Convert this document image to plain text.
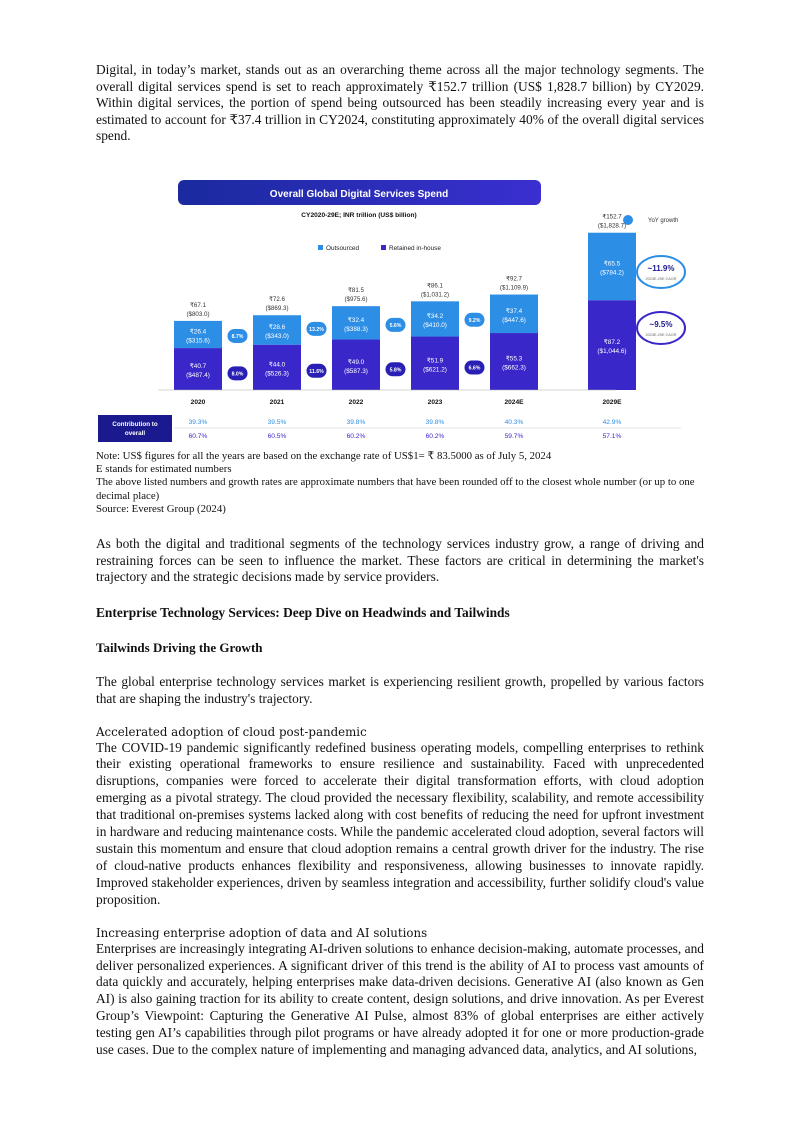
Digital, in today’s market, stands out as an overarching theme across all the major technology segments. The overall digital services spend is set to reach approximately ₹152.7 trillion (US$ 1,828.7 billion) by CY2029. Within digital services, the portion of spend being outsourced has been steadily increasing every year and is estimated to account for ₹37.4 trillion in CY2024, constituting approximately 40% of the overall digital services spend.

Overall Global Digital Services Spend
CY2020-29E; INR trillion (US$ billion)
YoY growth
Outsourced	Retained in-house
₹40.7
($487.4)
₹26.4
($315.6)
₹67.1
($803.0)
2020
₹44.0
($526.3)
₹28.6
($343.0)
₹72.6
($869.3)
2021
₹49.0
($587.3)
₹32.4
($388.3)
₹81.5
($975.6)
2022
₹51.9
($621.2)
₹34.2
($410.0)
₹86.1
($1,031.2)
2023
₹55.3
($662.3)
₹37.4
($447.6)
₹92.7
($1,109.9)
2024E
₹87.2
($1,044.6)
₹65.5
($784.2)
₹152.7
($1,828.7)
2029E
8.7%
8.0%
13.2%
11.6%
5.6%
5.8%
9.2%
6.6%
~11.9%
2024E-29E CAGR
~9.5%
2024E-29E CAGR
Contribution to overall
39.3%
60.7%
39.5%
60.5%
39.8%
60.2%
39.8%
60.2%
40.3%
59.7%
42.9%
57.1%
Note: US$ figures for all the years are based on the exchange rate of US$1= ₹ 83.5000 as of July 5, 2024
E stands for estimated numbers
The above listed numbers and growth rates are approximate numbers that have been rounded off to the closest whole number (or up to one decimal place)
Source: Everest Group (2024)

As both the digital and traditional segments of the technology services industry grow, a range of driving and restraining forces can be seen to influence the market. These factors are critical in determining the market's trajectory and the strategic decisions made by service providers.

Enterprise Technology Services: Deep Dive on Headwinds and Tailwinds
Tailwinds Driving the Growth

The global enterprise technology services market is experiencing resilient growth, propelled by various factors that are shaping the industry's trajectory.

Accelerated adoption of cloud post-pandemic

The COVID-19 pandemic significantly redefined business operating models, compelling enterprises to rethink their existing operational frameworks to ensure resilience and sustainability. Faced with unprecedented disruptions, companies were forced to accelerate their digital transformation efforts, with cloud adoption emerging as a pivotal strategy. The cloud provided the necessary flexibility, scalability, and remote accessibility that traditional on-premises systems lacked along with cost benefits of reducing the need for upfront investment in hardware and reducing maintenance costs. While the pandemic accelerated cloud adoption, several factors will sustain this momentum and ensure that cloud adoption remains a central growth driver for the industry. The rise of cloud-native products enhances flexibility and responsiveness, allowing businesses to innovate rapidly. Improved stakeholder experiences, driven by seamless integration and accessibility, further solidify cloud's value proposition.

Increasing enterprise adoption of data and AI solutions

Enterprises are increasingly integrating AI-driven solutions to enhance decision-making, automate processes, and deliver personalized experiences. A significant driver of this trend is the ability of AI to process vast amounts of data quickly and accurately, helping enterprises make data-driven decisions. Generative AI (also known as Gen AI) is also gaining traction for its ability to create content, design solutions, and drive innovation. As per Everest Group’s Viewpoint: Capturing the Generative AI Pulse, almost 83% of global enterprises are either actively testing gen AI’s capabilities through pilot programs or have already adopted it for one or more production-grade use cases. Due to the complex nature of implementing and managing advanced data, analytics, and AI solutions,
